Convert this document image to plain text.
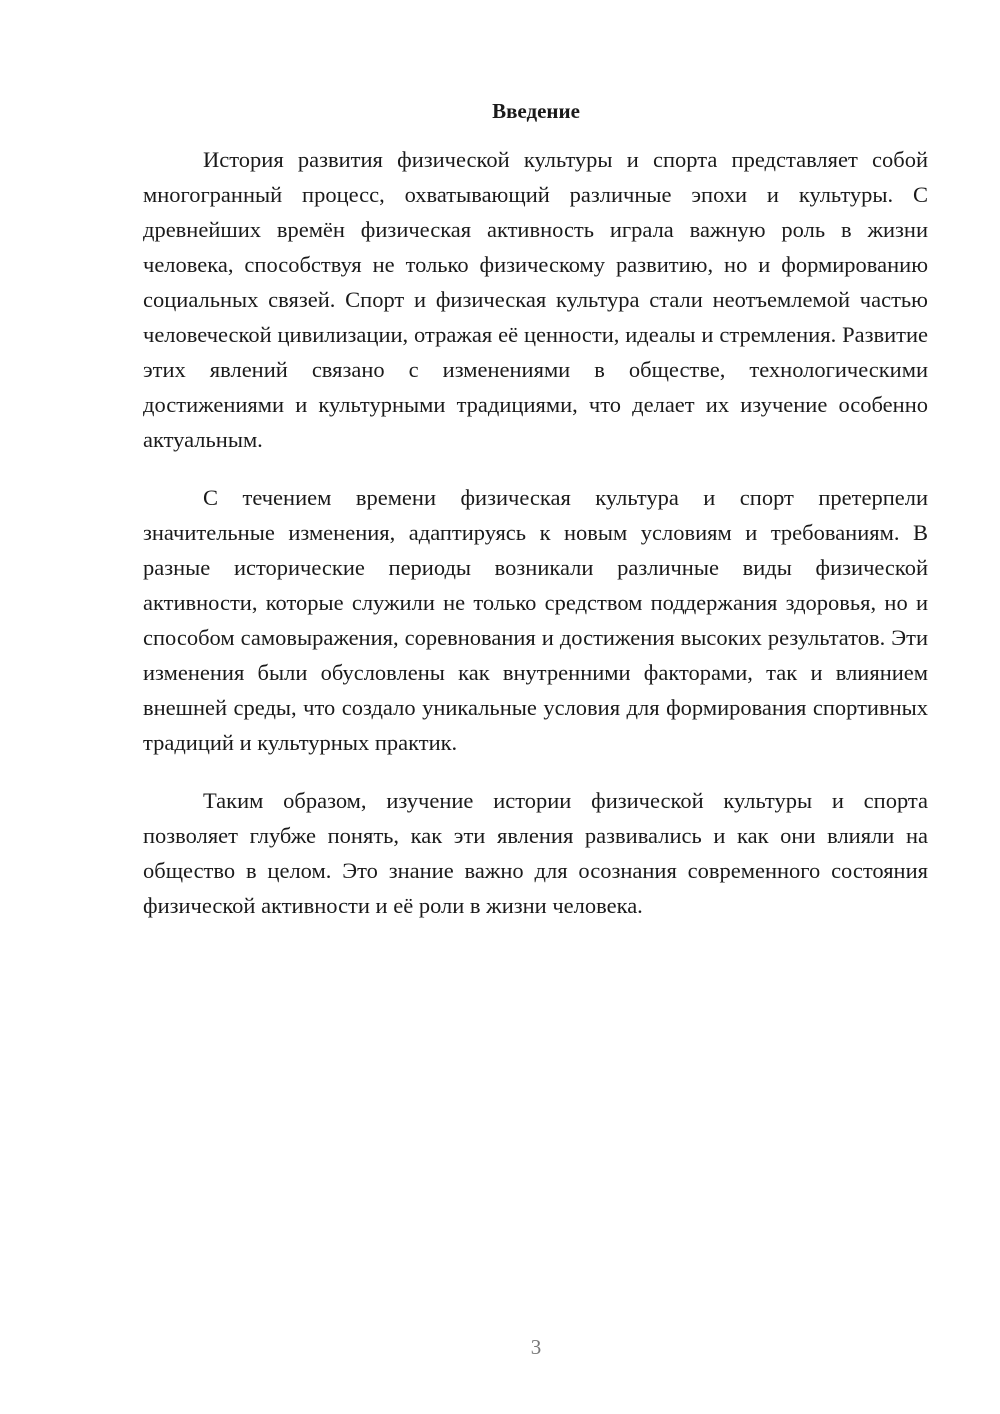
Введение

История развития физической культуры и спорта представляет собой многогранный процесс, охватывающий различные эпохи и культуры. С древнейших времён физическая активность играла важную роль в жизни человека, способствуя не только физическому развитию, но и формированию социальных связей. Спорт и физическая культура стали неотъемлемой частью человеческой цивилизации, отражая её ценности, идеалы и стремления. Развитие этих явлений связано с изменениями в обществе, технологическими достижениями и культурными традициями, что делает их изучение особенно актуальным.

С течением времени физическая культура и спорт претерпели значительные изменения, адаптируясь к новым условиям и требованиям. В разные исторические периоды возникали различные виды физической активности, которые служили не только средством поддержания здоровья, но и способом самовыражения, соревнования и достижения высоких результатов. Эти изменения были обусловлены как внутренними факторами, так и влиянием внешней среды, что создало уникальные условия для формирования спортивных традиций и культурных практик.

Таким образом, изучение истории физической культуры и спорта позволяет глубже понять, как эти явления развивались и как они влияли на общество в целом. Это знание важно для осознания современного состояния физической активности и её роли в жизни человека.

3
